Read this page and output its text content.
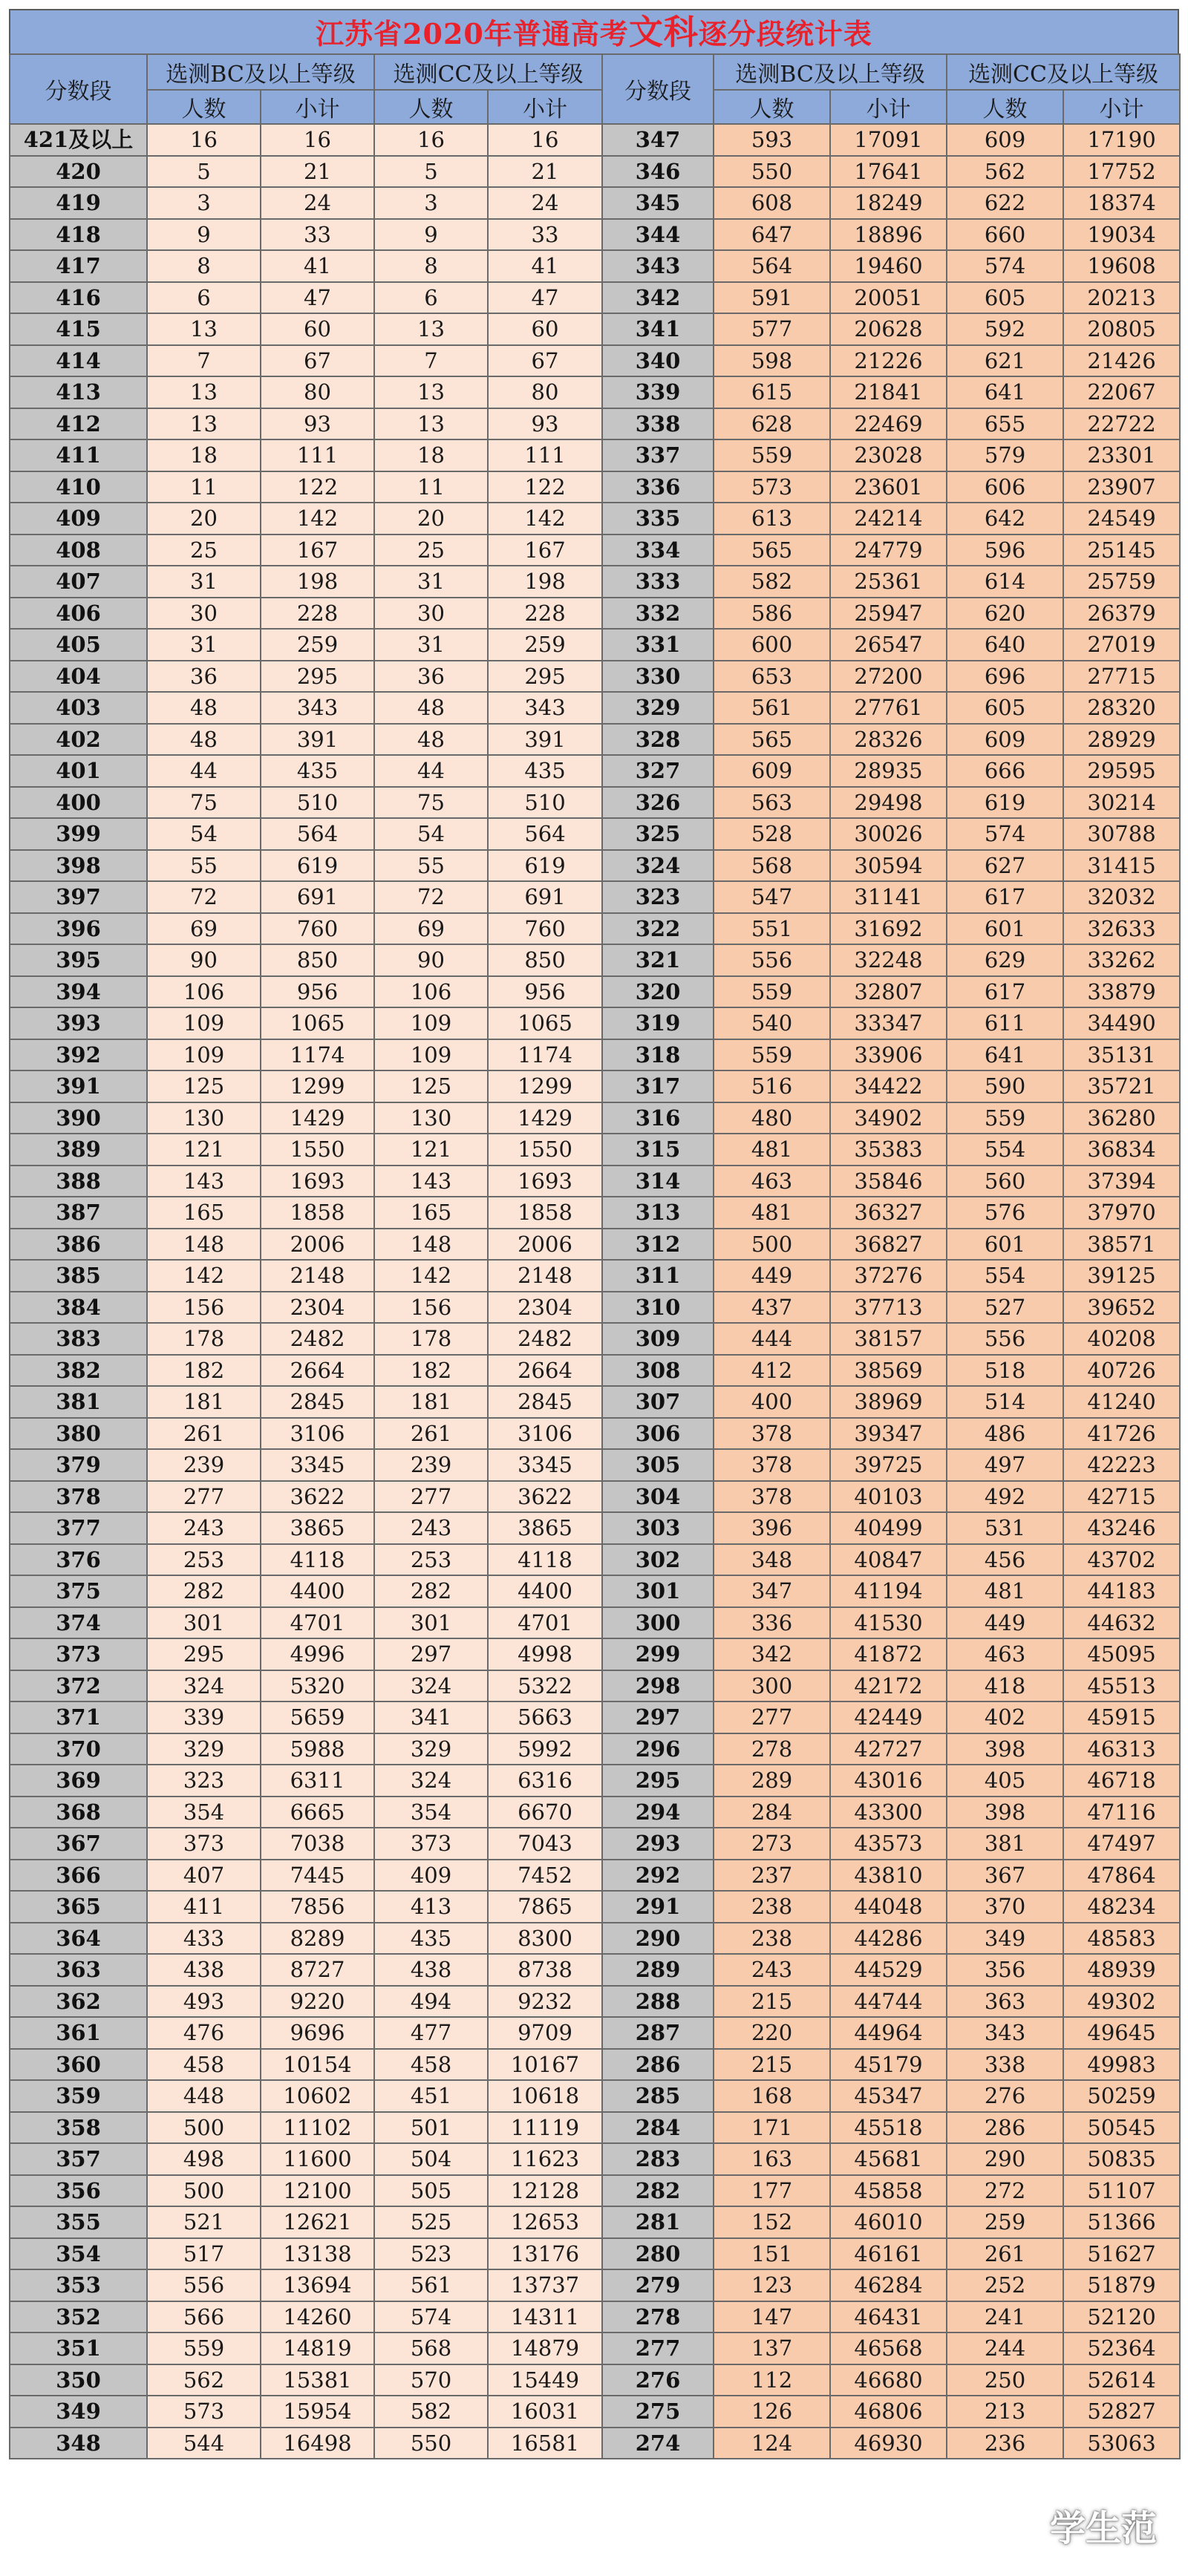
江苏省2020年普通高考文科逐分段统计表
分数段	选测BC及以上等级		选测CC及以上等级		分数段	选测BC及以上等级		选测CC及以上等级	
	人数	小计	人数	小计		人数	小计	人数	小计
421及以上	16	16	16	16	347	593	17091	609	17190
420	5	21	5	21	346	550	17641	562	17752
419	3	24	3	24	345	608	18249	622	18374
418	9	33	9	33	344	647	18896	660	19034
417	8	41	8	41	343	564	19460	574	19608
416	6	47	6	47	342	591	20051	605	20213
415	13	60	13	60	341	577	20628	592	20805
414	7	67	7	67	340	598	21226	621	21426
413	13	80	13	80	339	615	21841	641	22067
412	13	93	13	93	338	628	22469	655	22722
411	18	111	18	111	337	559	23028	579	23301
410	11	122	11	122	336	573	23601	606	23907
409	20	142	20	142	335	613	24214	642	24549
408	25	167	25	167	334	565	24779	596	25145
407	31	198	31	198	333	582	25361	614	25759
406	30	228	30	228	332	586	25947	620	26379
405	31	259	31	259	331	600	26547	640	27019
404	36	295	36	295	330	653	27200	696	27715
403	48	343	48	343	329	561	27761	605	28320
402	48	391	48	391	328	565	28326	609	28929
401	44	435	44	435	327	609	28935	666	29595
400	75	510	75	510	326	563	29498	619	30214
399	54	564	54	564	325	528	30026	574	30788
398	55	619	55	619	324	568	30594	627	31415
397	72	691	72	691	323	547	31141	617	32032
396	69	760	69	760	322	551	31692	601	32633
395	90	850	90	850	321	556	32248	629	33262
394	106	956	106	956	320	559	32807	617	33879
393	109	1065	109	1065	319	540	33347	611	34490
392	109	1174	109	1174	318	559	33906	641	35131
391	125	1299	125	1299	317	516	34422	590	35721
390	130	1429	130	1429	316	480	34902	559	36280
389	121	1550	121	1550	315	481	35383	554	36834
388	143	1693	143	1693	314	463	35846	560	37394
387	165	1858	165	1858	313	481	36327	576	37970
386	148	2006	148	2006	312	500	36827	601	38571
385	142	2148	142	2148	311	449	37276	554	39125
384	156	2304	156	2304	310	437	37713	527	39652
383	178	2482	178	2482	309	444	38157	556	40208
382	182	2664	182	2664	308	412	38569	518	40726
381	181	2845	181	2845	307	400	38969	514	41240
380	261	3106	261	3106	306	378	39347	486	41726
379	239	3345	239	3345	305	378	39725	497	42223
378	277	3622	277	3622	304	378	40103	492	42715
377	243	3865	243	3865	303	396	40499	531	43246
376	253	4118	253	4118	302	348	40847	456	43702
375	282	4400	282	4400	301	347	41194	481	44183
374	301	4701	301	4701	300	336	41530	449	44632
373	295	4996	297	4998	299	342	41872	463	45095
372	324	5320	324	5322	298	300	42172	418	45513
371	339	5659	341	5663	297	277	42449	402	45915
370	329	5988	329	5992	296	278	42727	398	46313
369	323	6311	324	6316	295	289	43016	405	46718
368	354	6665	354	6670	294	284	43300	398	47116
367	373	7038	373	7043	293	273	43573	381	47497
366	407	7445	409	7452	292	237	43810	367	47864
365	411	7856	413	7865	291	238	44048	370	48234
364	433	8289	435	8300	290	238	44286	349	48583
363	438	8727	438	8738	289	243	44529	356	48939
362	493	9220	494	9232	288	215	44744	363	49302
361	476	9696	477	9709	287	220	44964	343	49645
360	458	10154	458	10167	286	215	45179	338	49983
359	448	10602	451	10618	285	168	45347	276	50259
358	500	11102	501	11119	284	171	45518	286	50545
357	498	11600	504	11623	283	163	45681	290	50835
356	500	12100	505	12128	282	177	45858	272	51107
355	521	12621	525	12653	281	152	46010	259	51366
354	517	13138	523	13176	280	151	46161	261	51627
353	556	13694	561	13737	279	123	46284	252	51879
352	566	14260	574	14311	278	147	46431	241	52120
351	559	14819	568	14879	277	137	46568	244	52364
350	562	15381	570	15449	276	112	46680	250	52614
349	573	15954	582	16031	275	126	46806	213	52827
348	544	16498	550	16581	274	124	46930	236	53063
学生范
